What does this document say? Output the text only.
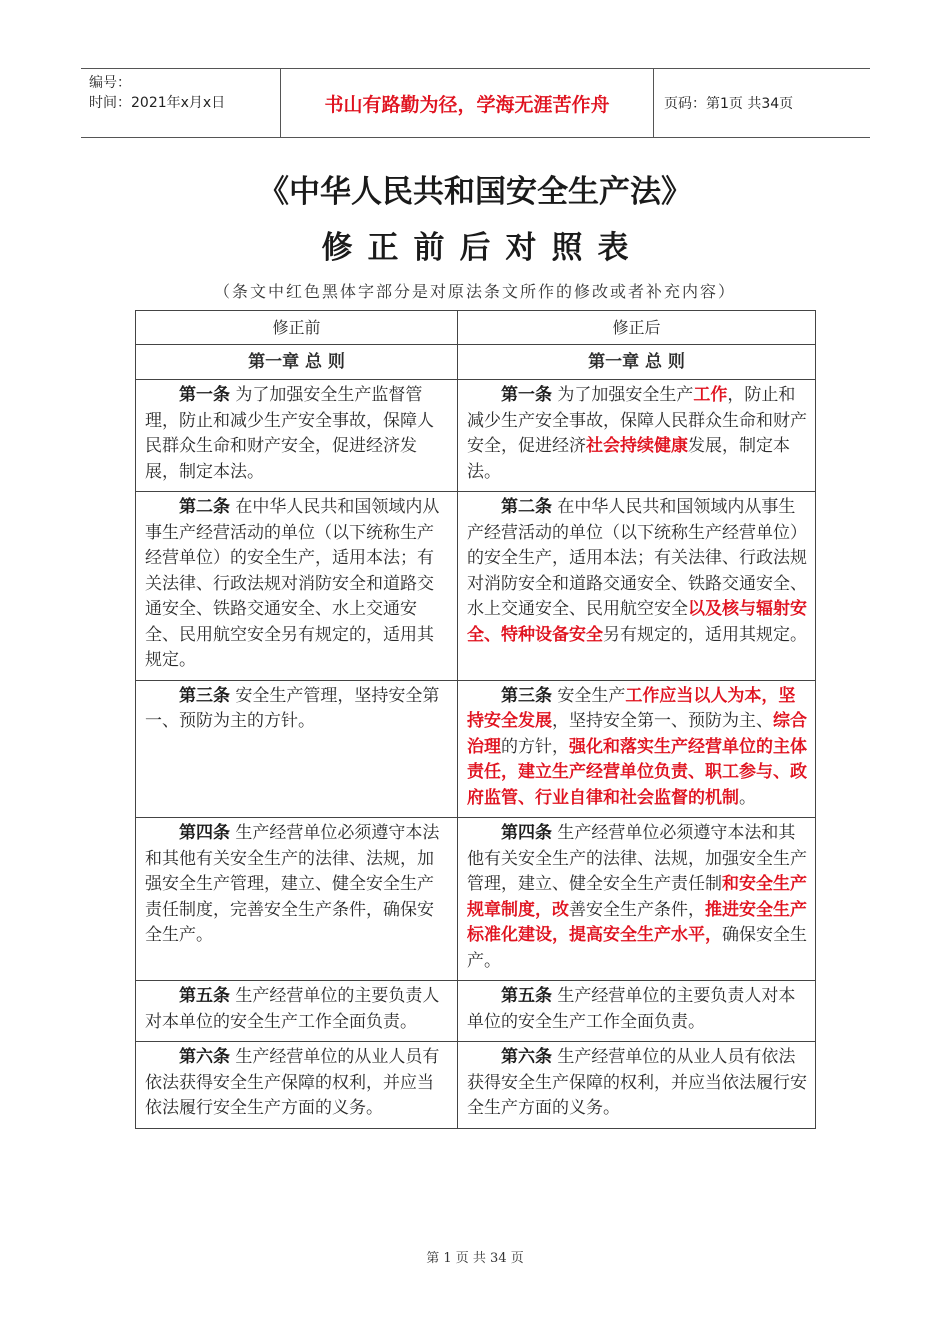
编号：
时间：2021年x月x日	书山有路勤为径，学海无涯苦作舟	页码：第1页 共34页
《中华人民共和国安全生产法》
修正前后对照表
（条文中红色黑体字部分是对原法条文所作的修改或者补充内容）
修正前	修正后
第一章 总 则	第一章 总 则
第一条 为了加强安全生产监督管理，防止和减少生产安全事故，保障人民群众生命和财产安全，促进经济发展，制定本法。	第一条 为了加强安全生产工作，防止和减少生产安全事故，保障人民群众生命和财产安全，促进经济社会持续健康发展，制定本法。
第二条 在中华人民共和国领域内从事生产经营活动的单位（以下统称生产经营单位）的安全生产，适用本法；有关法律、行政法规对消防安全和道路交通安全、铁路交通安全、水上交通安全、民用航空安全另有规定的，适用其规定。	第二条 在中华人民共和国领域内从事生产经营活动的单位（以下统称生产经营单位）的安全生产，适用本法；有关法律、行政法规对消防安全和道路交通安全、铁路交通安全、水上交通安全、民用航空安全以及核与辐射安全、特种设备安全另有规定的，适用其规定。
第三条 安全生产管理，坚持安全第一、预防为主的方针。	第三条 安全生产工作应当以人为本，坚持安全发展，坚持安全第一、预防为主、综合治理的方针，强化和落实生产经营单位的主体责任，建立生产经营单位负责、职工参与、政府监管、行业自律和社会监督的机制。
第四条 生产经营单位必须遵守本法和其他有关安全生产的法律、法规，加强安全生产管理，建立、健全安全生产责任制度，完善安全生产条件，确保安全生产。	第四条 生产经营单位必须遵守本法和其他有关安全生产的法律、法规，加强安全生产管理，建立、健全安全生产责任制和安全生产规章制度，改善安全生产条件，推进安全生产标准化建设，提高安全生产水平，确保安全生产。
第五条 生产经营单位的主要负责人对本单位的安全生产工作全面负责。	第五条 生产经营单位的主要负责人对本单位的安全生产工作全面负责。
第六条 生产经营单位的从业人员有依法获得安全生产保障的权利，并应当依法履行安全生产方面的义务。	第六条 生产经营单位的从业人员有依法获得安全生产保障的权利，并应当依法履行安全生产方面的义务。
第 1 页 共 34 页
